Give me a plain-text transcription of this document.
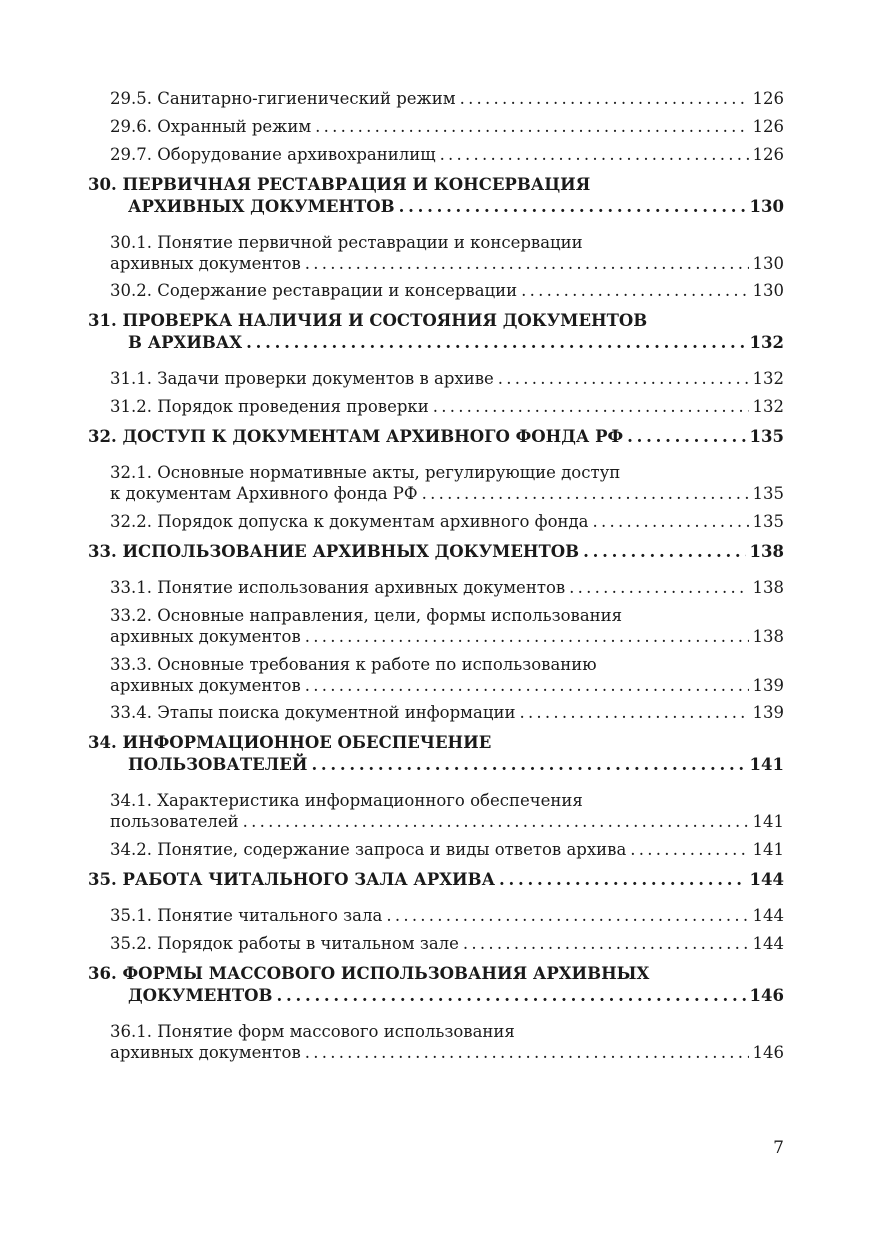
29.5. Санитарно-гигиенический режим . . .	126
29.6. Охранный режим . . .	126
29.7. Оборудование архивохранилищ . . .	126
30. ПЕРВИЧНАЯ РЕСТАВРАЦИЯ И КОНСЕРВАЦИЯ
АРХИВНЫХ ДОКУМЕНТОВ . . .	130
30.1. Понятие первичной реставрации и консервации
архивных документов . . .	130
30.2. Содержание реставрации и консервации . . .	130
31. ПРОВЕРКА НАЛИЧИЯ И СОСТОЯНИЯ ДОКУМЕНТОВ
В АРХИВАХ . . .	132
31.1. Задачи проверки документов в архиве . . .	132
31.2. Порядок проведения проверки . . .	132
32. ДОСТУП К ДОКУМЕНТАМ АРХИВНОГО ФОНДА РФ . . .	135
32.1. Основные нормативные акты, регулирующие доступ
к документам Архивного фонда РФ . . .	135
32.2. Порядок допуска к документам архивного фонда . . .	135
33. ИСПОЛЬЗОВАНИЕ АРХИВНЫХ ДОКУМЕНТОВ . . .	138
33.1. Понятие использования архивных документов . . .	138
33.2. Основные направления, цели, формы использования
архивных документов . . .	138
33.3. Основные требования к работе по использованию
архивных документов . . .	139
33.4. Этапы поиска документной информации . . .	139
34. ИНФОРМАЦИОННОЕ ОБЕСПЕЧЕНИЕ
ПОЛЬЗОВАТЕЛЕЙ . . .	141
34.1. Характеристика информационного обеспечения
пользователей . . .	141
34.2. Понятие, содержание запроса и виды ответов архива . . .	141
35. РАБОТА ЧИТАЛЬНОГО ЗАЛА АРХИВА . . .	144
35.1. Понятие читального зала . . .	144
35.2. Порядок работы в читальном зале . . .	144
36. ФОРМЫ МАССОВОГО ИСПОЛЬЗОВАНИЯ АРХИВНЫХ
ДОКУМЕНТОВ . . .	146
36.1. Понятие форм массового использования
архивных документов . . .	146
7
